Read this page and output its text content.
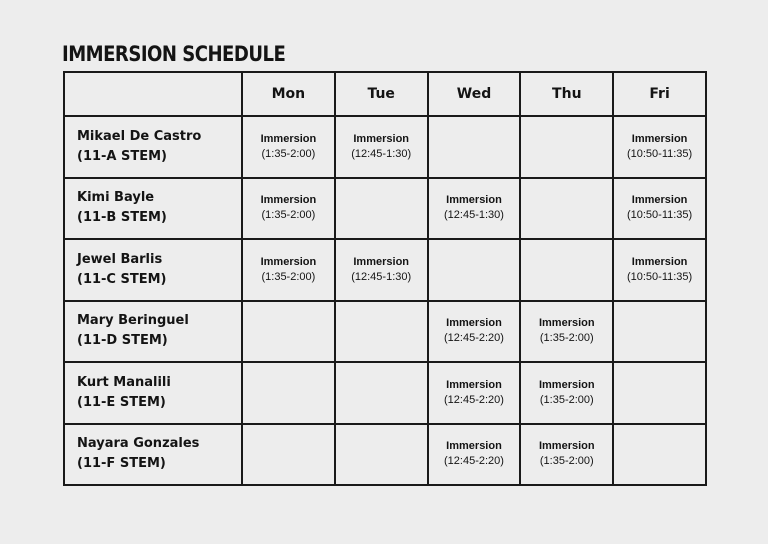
IMMERSION SCHEDULE
	Mon	Tue	Wed	Thu	Fri

Mikael De Castro
(11-A STEM)	Immersion
(1:35-2:00)	Immersion
(12:45-1:30)			Immersion
(10:50-11:35)

Kimi Bayle
(11-B STEM)	Immersion
(1:35-2:00)		Immersion
(12:45-1:30)		Immersion
(10:50-11:35)

Jewel Barlis
(11-C STEM)	Immersion
(1:35-2:00)	Immersion
(12:45-1:30)			Immersion
(10:50-11:35)

Mary Beringuel
(11-D STEM)			Immersion
(12:45-2:20)	Immersion
(1:35-2:00)	

Kurt Manalili
(11-E STEM)			Immersion
(12:45-2:20)	Immersion
(1:35-2:00)	

Nayara Gonzales
(11-F STEM)			Immersion
(12:45-2:20)	Immersion
(1:35-2:00)	
